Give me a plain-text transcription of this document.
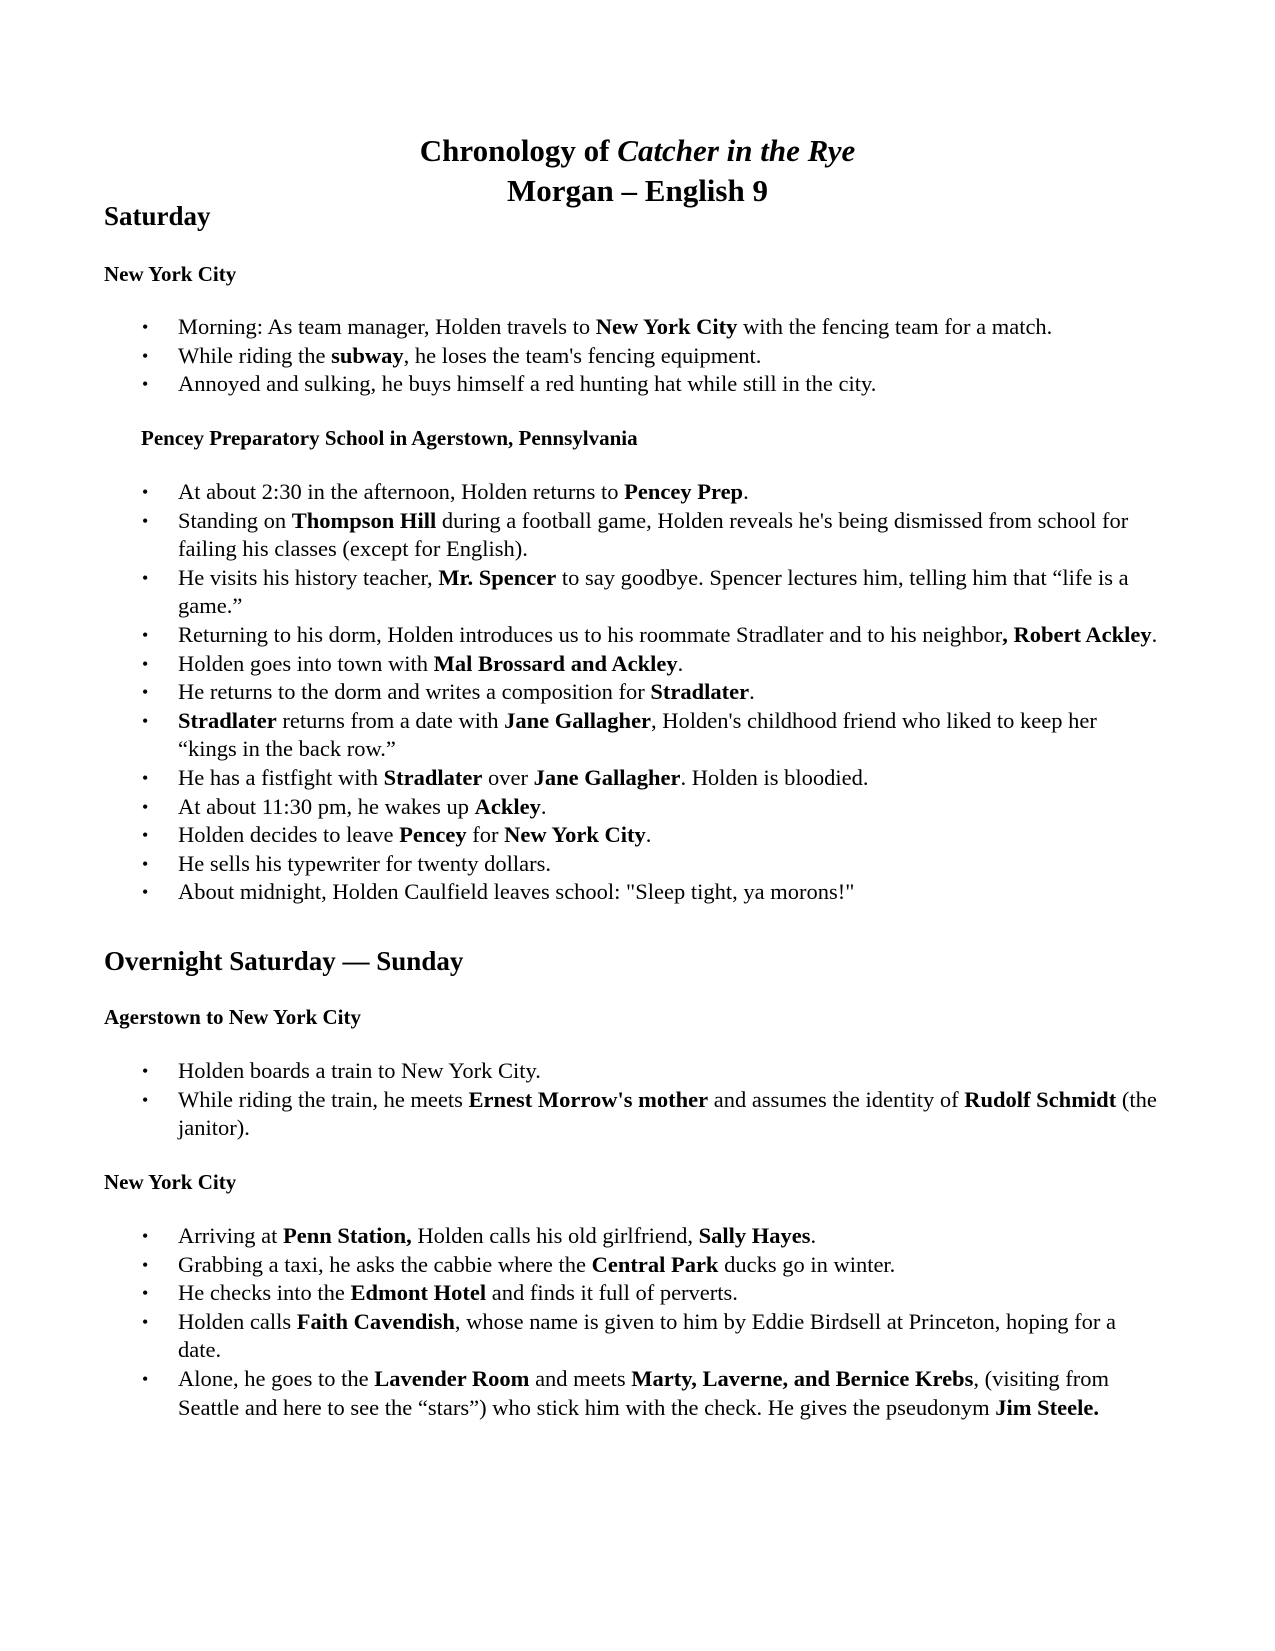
Chronology of Catcher in the Rye
Morgan – English 9
Saturday
New York City
• Morning: As team manager, Holden travels to New York City with the fencing team for a match.
• While riding the subway, he loses the team's fencing equipment.
• Annoyed and sulking, he buys himself a red hunting hat while still in the city.
Pencey Preparatory School in Agerstown, Pennsylvania
• At about 2:30 in the afternoon, Holden returns to Pencey Prep.
• Standing on Thompson Hill during a football game, Holden reveals he's being dismissed from school for failing his classes (except for English).
• He visits his history teacher, Mr. Spencer to say goodbye. Spencer lectures him, telling him that “life is a game.”
• Returning to his dorm, Holden introduces us to his roommate Stradlater and to his neighbor, Robert Ackley.
• Holden goes into town with Mal Brossard and Ackley.
• He returns to the dorm and writes a composition for Stradlater.
• Stradlater returns from a date with Jane Gallagher, Holden's childhood friend who liked to keep her “kings in the back row.”
• He has a fistfight with Stradlater over Jane Gallagher. Holden is bloodied.
• At about 11:30 pm, he wakes up Ackley.
• Holden decides to leave Pencey for New York City.
• He sells his typewriter for twenty dollars.
• About midnight, Holden Caulfield leaves school: "Sleep tight, ya morons!"
Overnight Saturday — Sunday
Agerstown to New York City
• Holden boards a train to New York City.
• While riding the train, he meets Ernest Morrow's mother and assumes the identity of Rudolf Schmidt (the janitor).
New York City
• Arriving at Penn Station, Holden calls his old girlfriend, Sally Hayes.
• Grabbing a taxi, he asks the cabbie where the Central Park ducks go in winter.
• He checks into the Edmont Hotel and finds it full of perverts.
• Holden calls Faith Cavendish, whose name is given to him by Eddie Birdsell at Princeton, hoping for a date.
• Alone, he goes to the Lavender Room and meets Marty, Laverne, and Bernice Krebs, (visiting from Seattle and here to see the “stars”) who stick him with the check. He gives the pseudonym Jim Steele.
